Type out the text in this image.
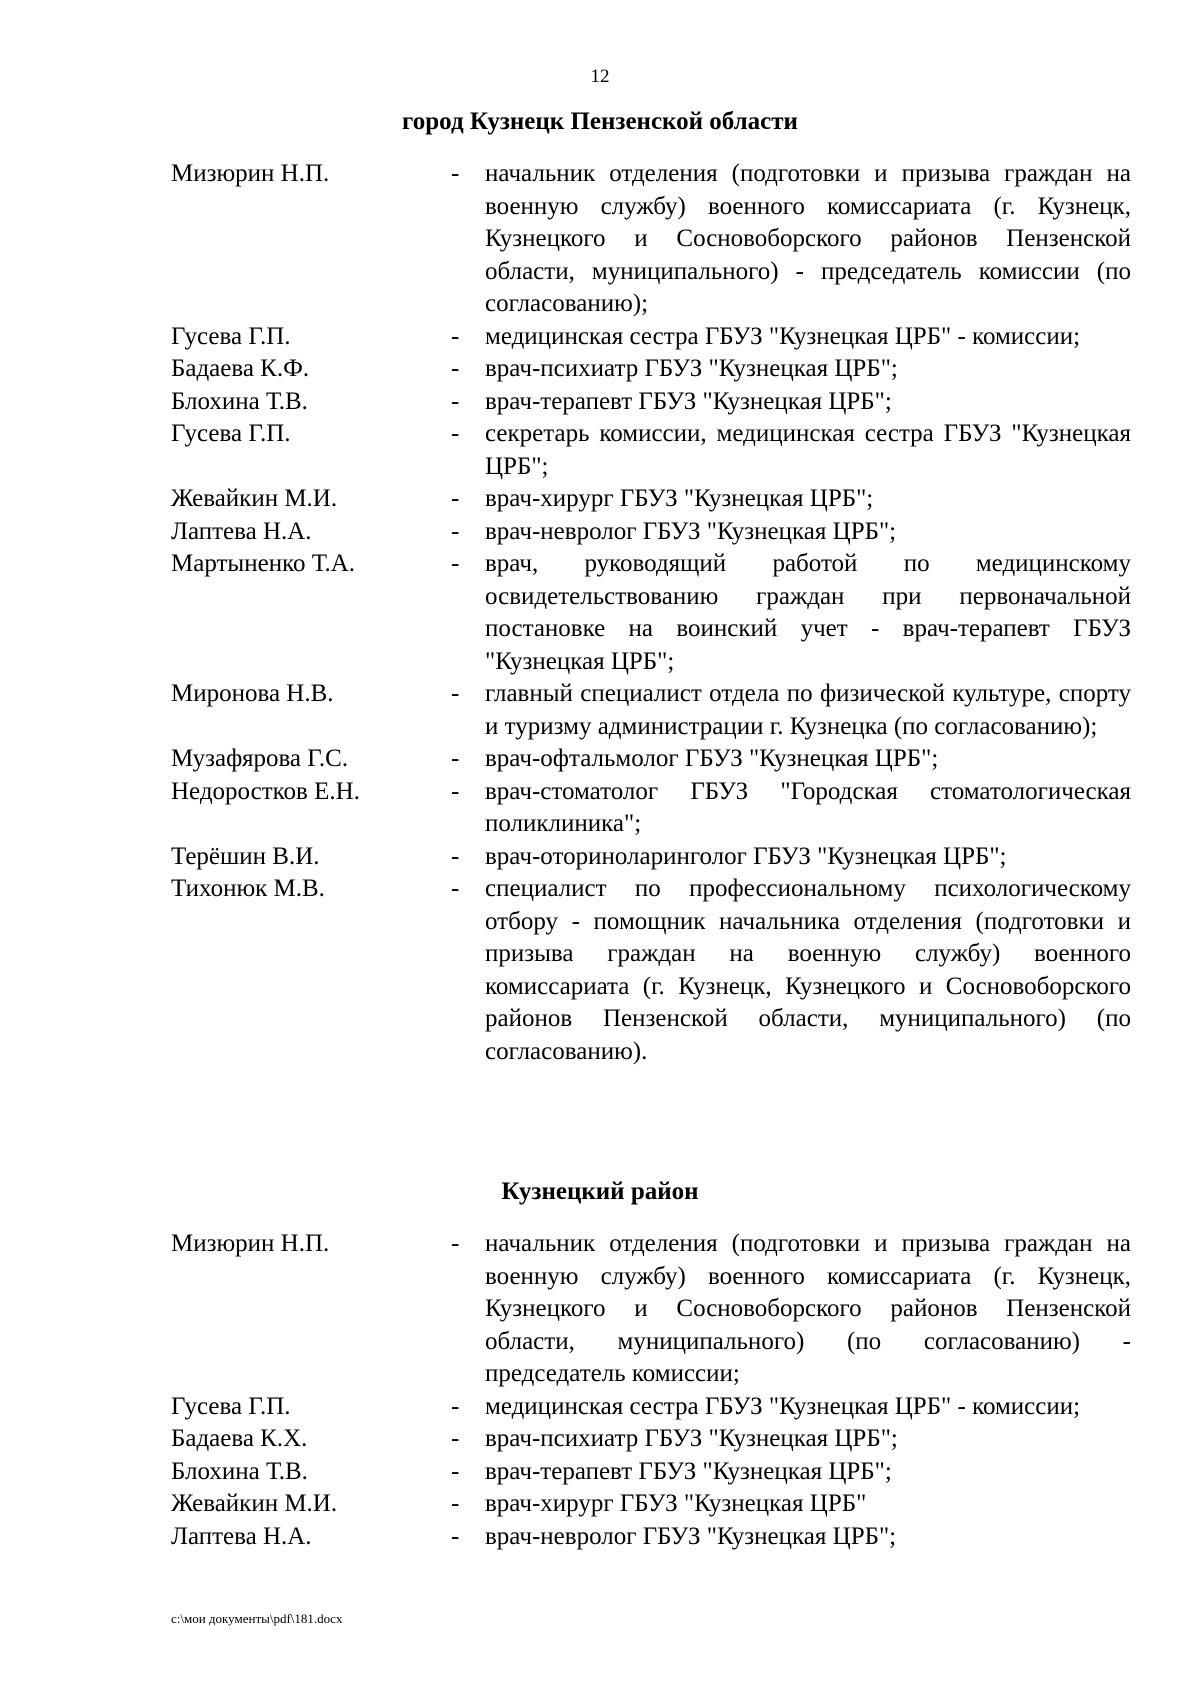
12
город Кузнецк Пензенской области
Мизюрин Н.П.	- начальник отделения (подготовки и призыва граждан на военную службу) военного комиссариата (г. Кузнецк, Кузнецкого и Сосновоборского районов Пензенской области, муниципального) - председатель комиссии (по согласованию);
Гусева Г.П.	- медицинская сестра ГБУЗ "Кузнецкая ЦРБ" - комиссии;
Бадаева К.Ф.	- врач-психиатр ГБУЗ "Кузнецкая ЦРБ";
Блохина Т.В.	- врач-терапевт ГБУЗ "Кузнецкая ЦРБ";
Гусева Г.П.	- секретарь комиссии, медицинская сестра ГБУЗ "Кузнецкая ЦРБ";
Жевайкин М.И.	- врач-хирург ГБУЗ "Кузнецкая ЦРБ";
Лаптева Н.А.	- врач-невролог ГБУЗ "Кузнецкая ЦРБ";
Мартыненко Т.А.	- врач, руководящий работой по медицинскому освидетельствованию граждан при первоначальной постановке на воинский учет - врач-терапевт ГБУЗ "Кузнецкая ЦРБ";
Миронова Н.В.	- главный специалист отдела по физической культуре, спорту и туризму администрации г. Кузнецка (по согласованию);
Музафярова Г.С.	- врач-офтальмолог ГБУЗ "Кузнецкая ЦРБ";
Недоростков Е.Н.	- врач-стоматолог ГБУЗ "Городская стоматологическая поликлиника";
Терёшин В.И.	- врач-оториноларинголог ГБУЗ "Кузнецкая ЦРБ";
Тихонюк М.В.	- специалист по профессиональному психологическому отбору - помощник начальника отделения (подготовки и призыва граждан на военную службу) военного комиссариата (г. Кузнецк, Кузнецкого и Сосновоборского районов Пензенской области, муниципального) (по согласованию).
Кузнецкий район
Мизюрин Н.П.	- начальник отделения (подготовки и призыва граждан на военную службу) военного комиссариата (г. Кузнецк, Кузнецкого и Сосновоборского районов Пензенской области, муниципального) (по согласованию) - председатель комиссии;
Гусева Г.П.	- медицинская сестра ГБУЗ "Кузнецкая ЦРБ" - комиссии;
Бадаева К.Х.	- врач-психиатр ГБУЗ "Кузнецкая ЦРБ";
Блохина Т.В.	- врач-терапевт ГБУЗ "Кузнецкая ЦРБ";
Жевайкин М.И.	- врач-хирург ГБУЗ "Кузнецкая ЦРБ"
Лаптева Н.А.	- врач-невролог ГБУЗ "Кузнецкая ЦРБ";
c:\мои документы\pdf\181.docx
